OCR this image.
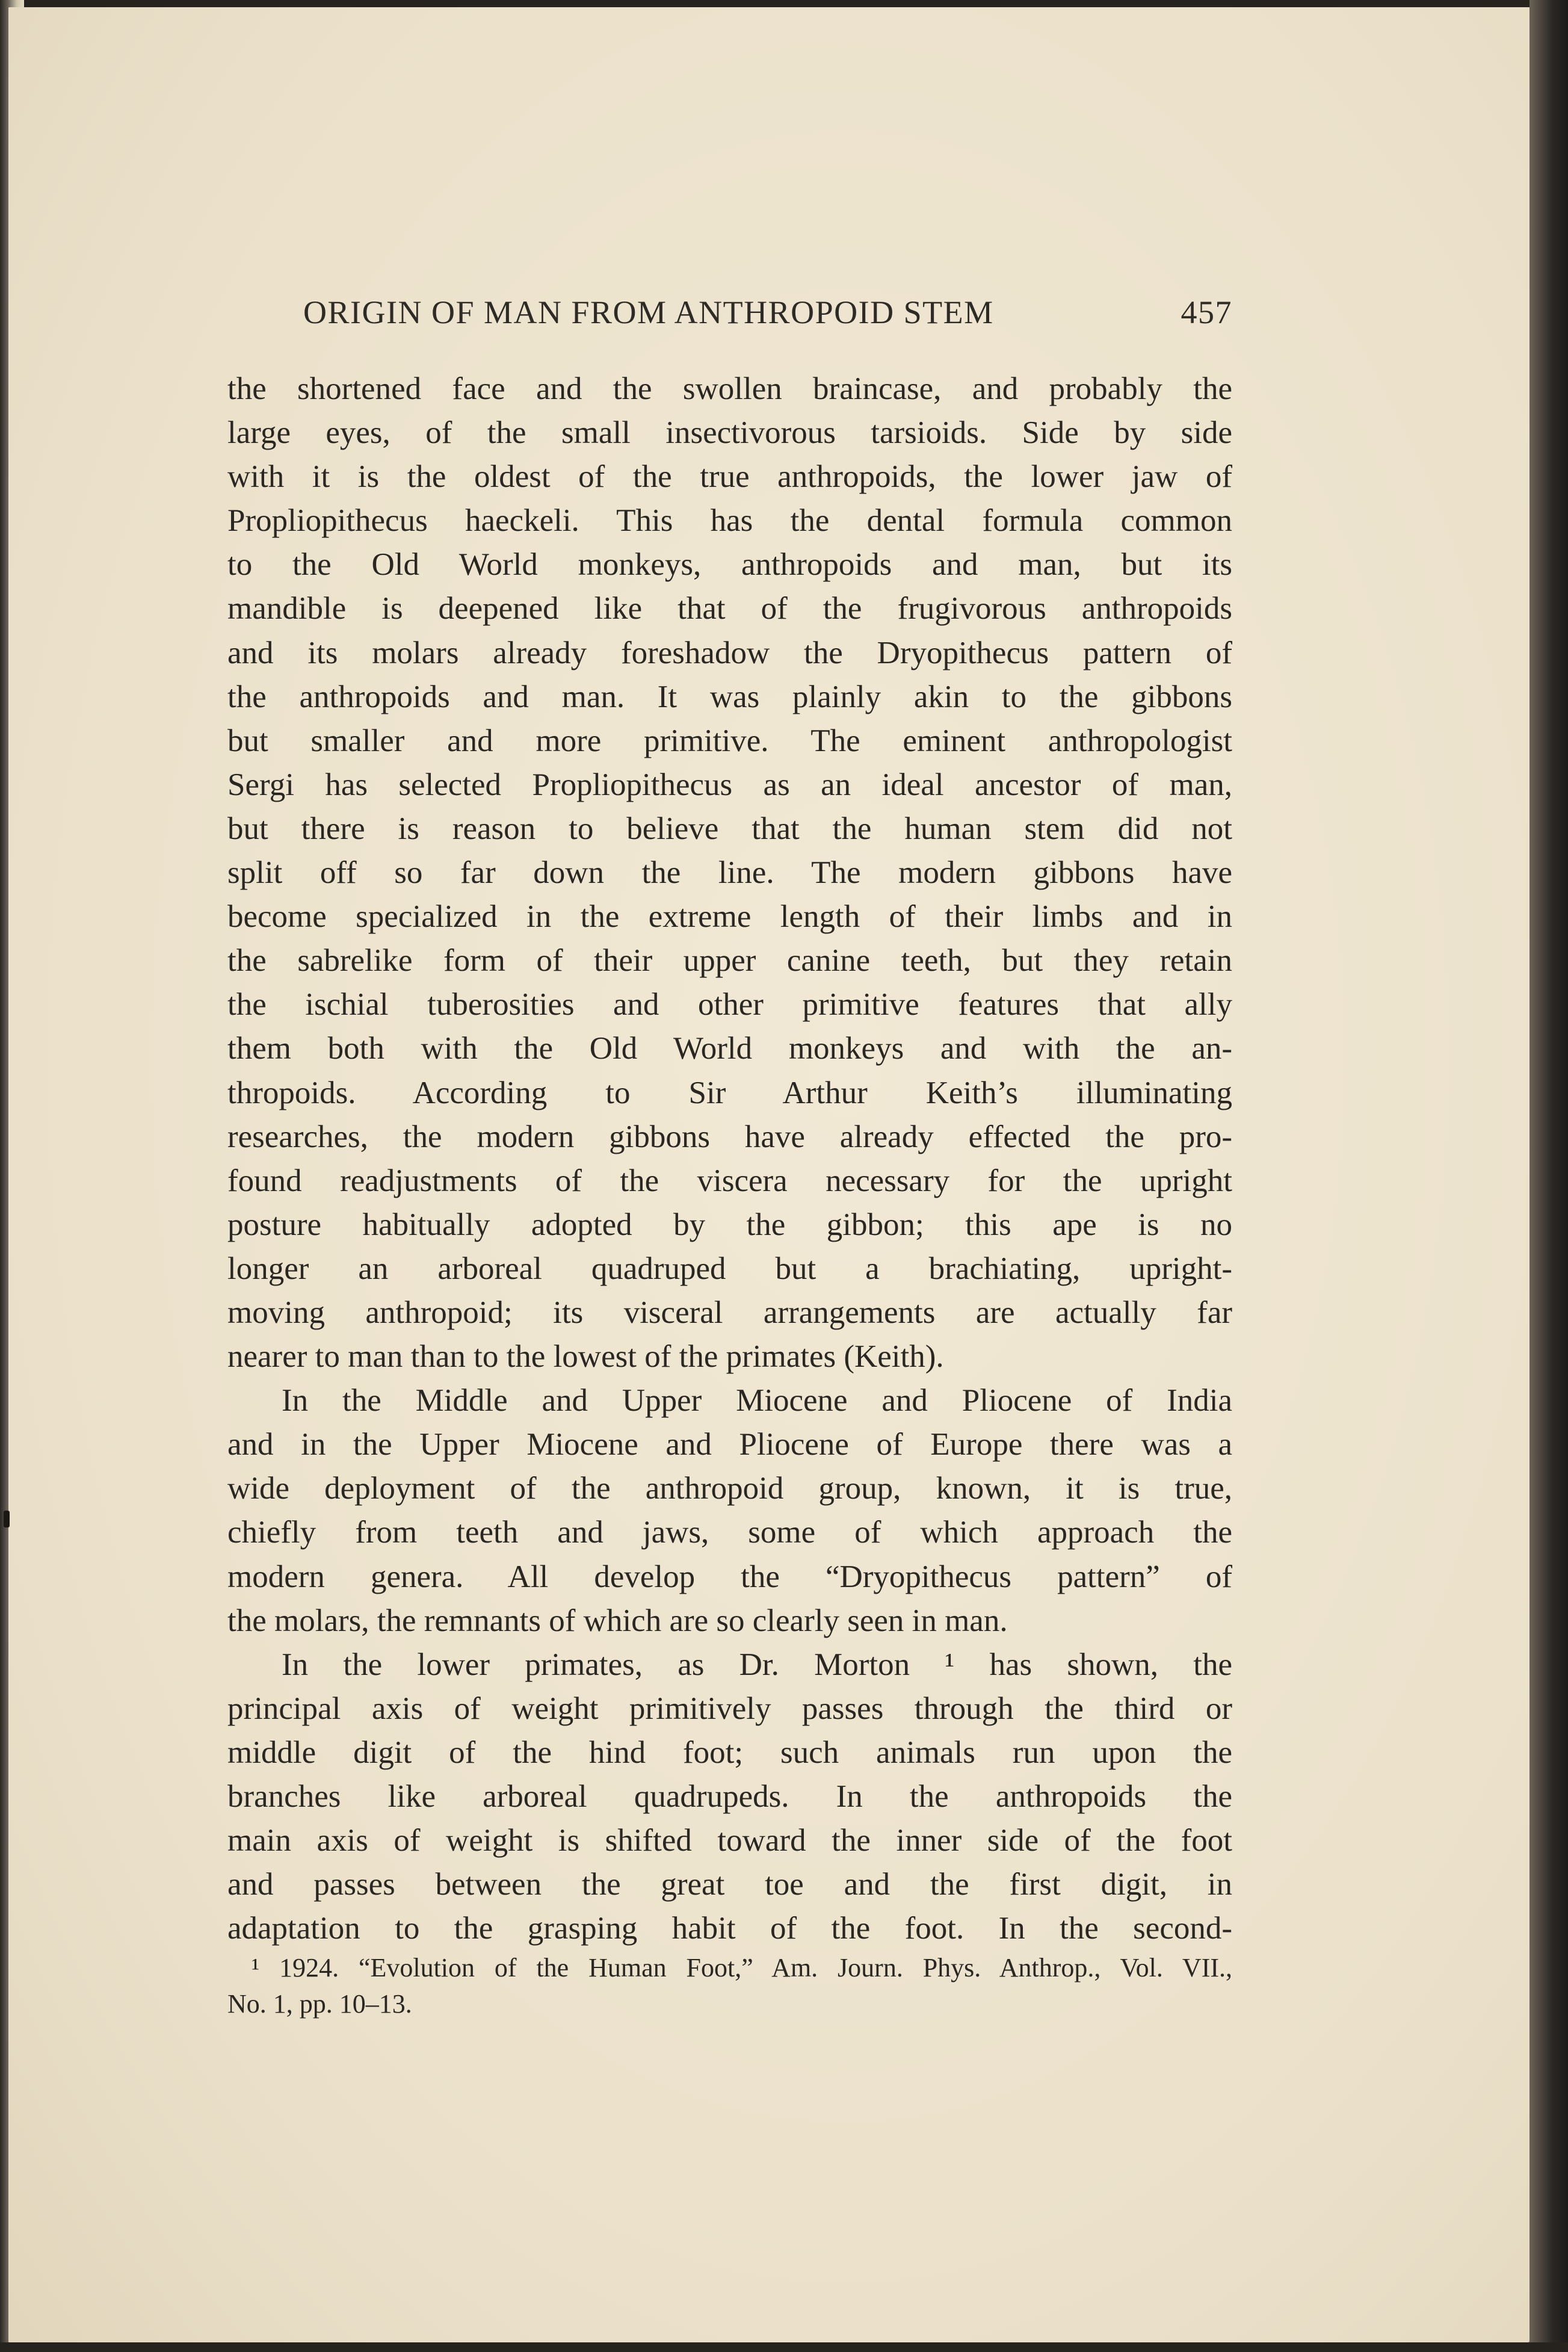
ORIGIN OF MAN FROM ANTHROPOID STEM	457
the shortened face and the swollen braincase, and probably the
large eyes, of the small insectivorous tarsioids. Side by side
with it is the oldest of the true anthropoids, the lower jaw of
Propliopithecus haeckeli. This has the dental formula common
to the Old World monkeys, anthropoids and man, but its
mandible is deepened like that of the frugivorous anthropoids
and its molars already foreshadow the Dryopithecus pattern of
the anthropoids and man. It was plainly akin to the gibbons
but smaller and more primitive. The eminent anthropologist
Sergi has selected Propliopithecus as an ideal ancestor of man,
but there is reason to believe that the human stem did not
split off so far down the line. The modern gibbons have
become specialized in the extreme length of their limbs and in
the sabrelike form of their upper canine teeth, but they retain
the ischial tuberosities and other primitive features that ally
them both with the Old World monkeys and with the an-
thropoids. According to Sir Arthur Keith’s illuminating
researches, the modern gibbons have already effected the pro-
found readjustments of the viscera necessary for the upright
posture habitually adopted by the gibbon; this ape is no
longer an arboreal quadruped but a brachiating, upright-
moving anthropoid; its visceral arrangements are actually far
nearer to man than to the lowest of the primates (Keith).
In the Middle and Upper Miocene and Pliocene of India
and in the Upper Miocene and Pliocene of Europe there was a
wide deployment of the anthropoid group, known, it is true,
chiefly from teeth and jaws, some of which approach the
modern genera. All develop the “Dryopithecus pattern” of
the molars, the remnants of which are so clearly seen in man.
In the lower primates, as Dr. Morton ¹ has shown, the
principal axis of weight primitively passes through the third or
middle digit of the hind foot; such animals run upon the
branches like arboreal quadrupeds. In the anthropoids the
main axis of weight is shifted toward the inner side of the foot
and passes between the great toe and the first digit, in
adaptation to the grasping habit of the foot. In the second-
¹ 1924. “Evolution of the Human Foot,” Am. Journ. Phys. Anthrop., Vol. VII.,
No. 1, pp. 10–13.
